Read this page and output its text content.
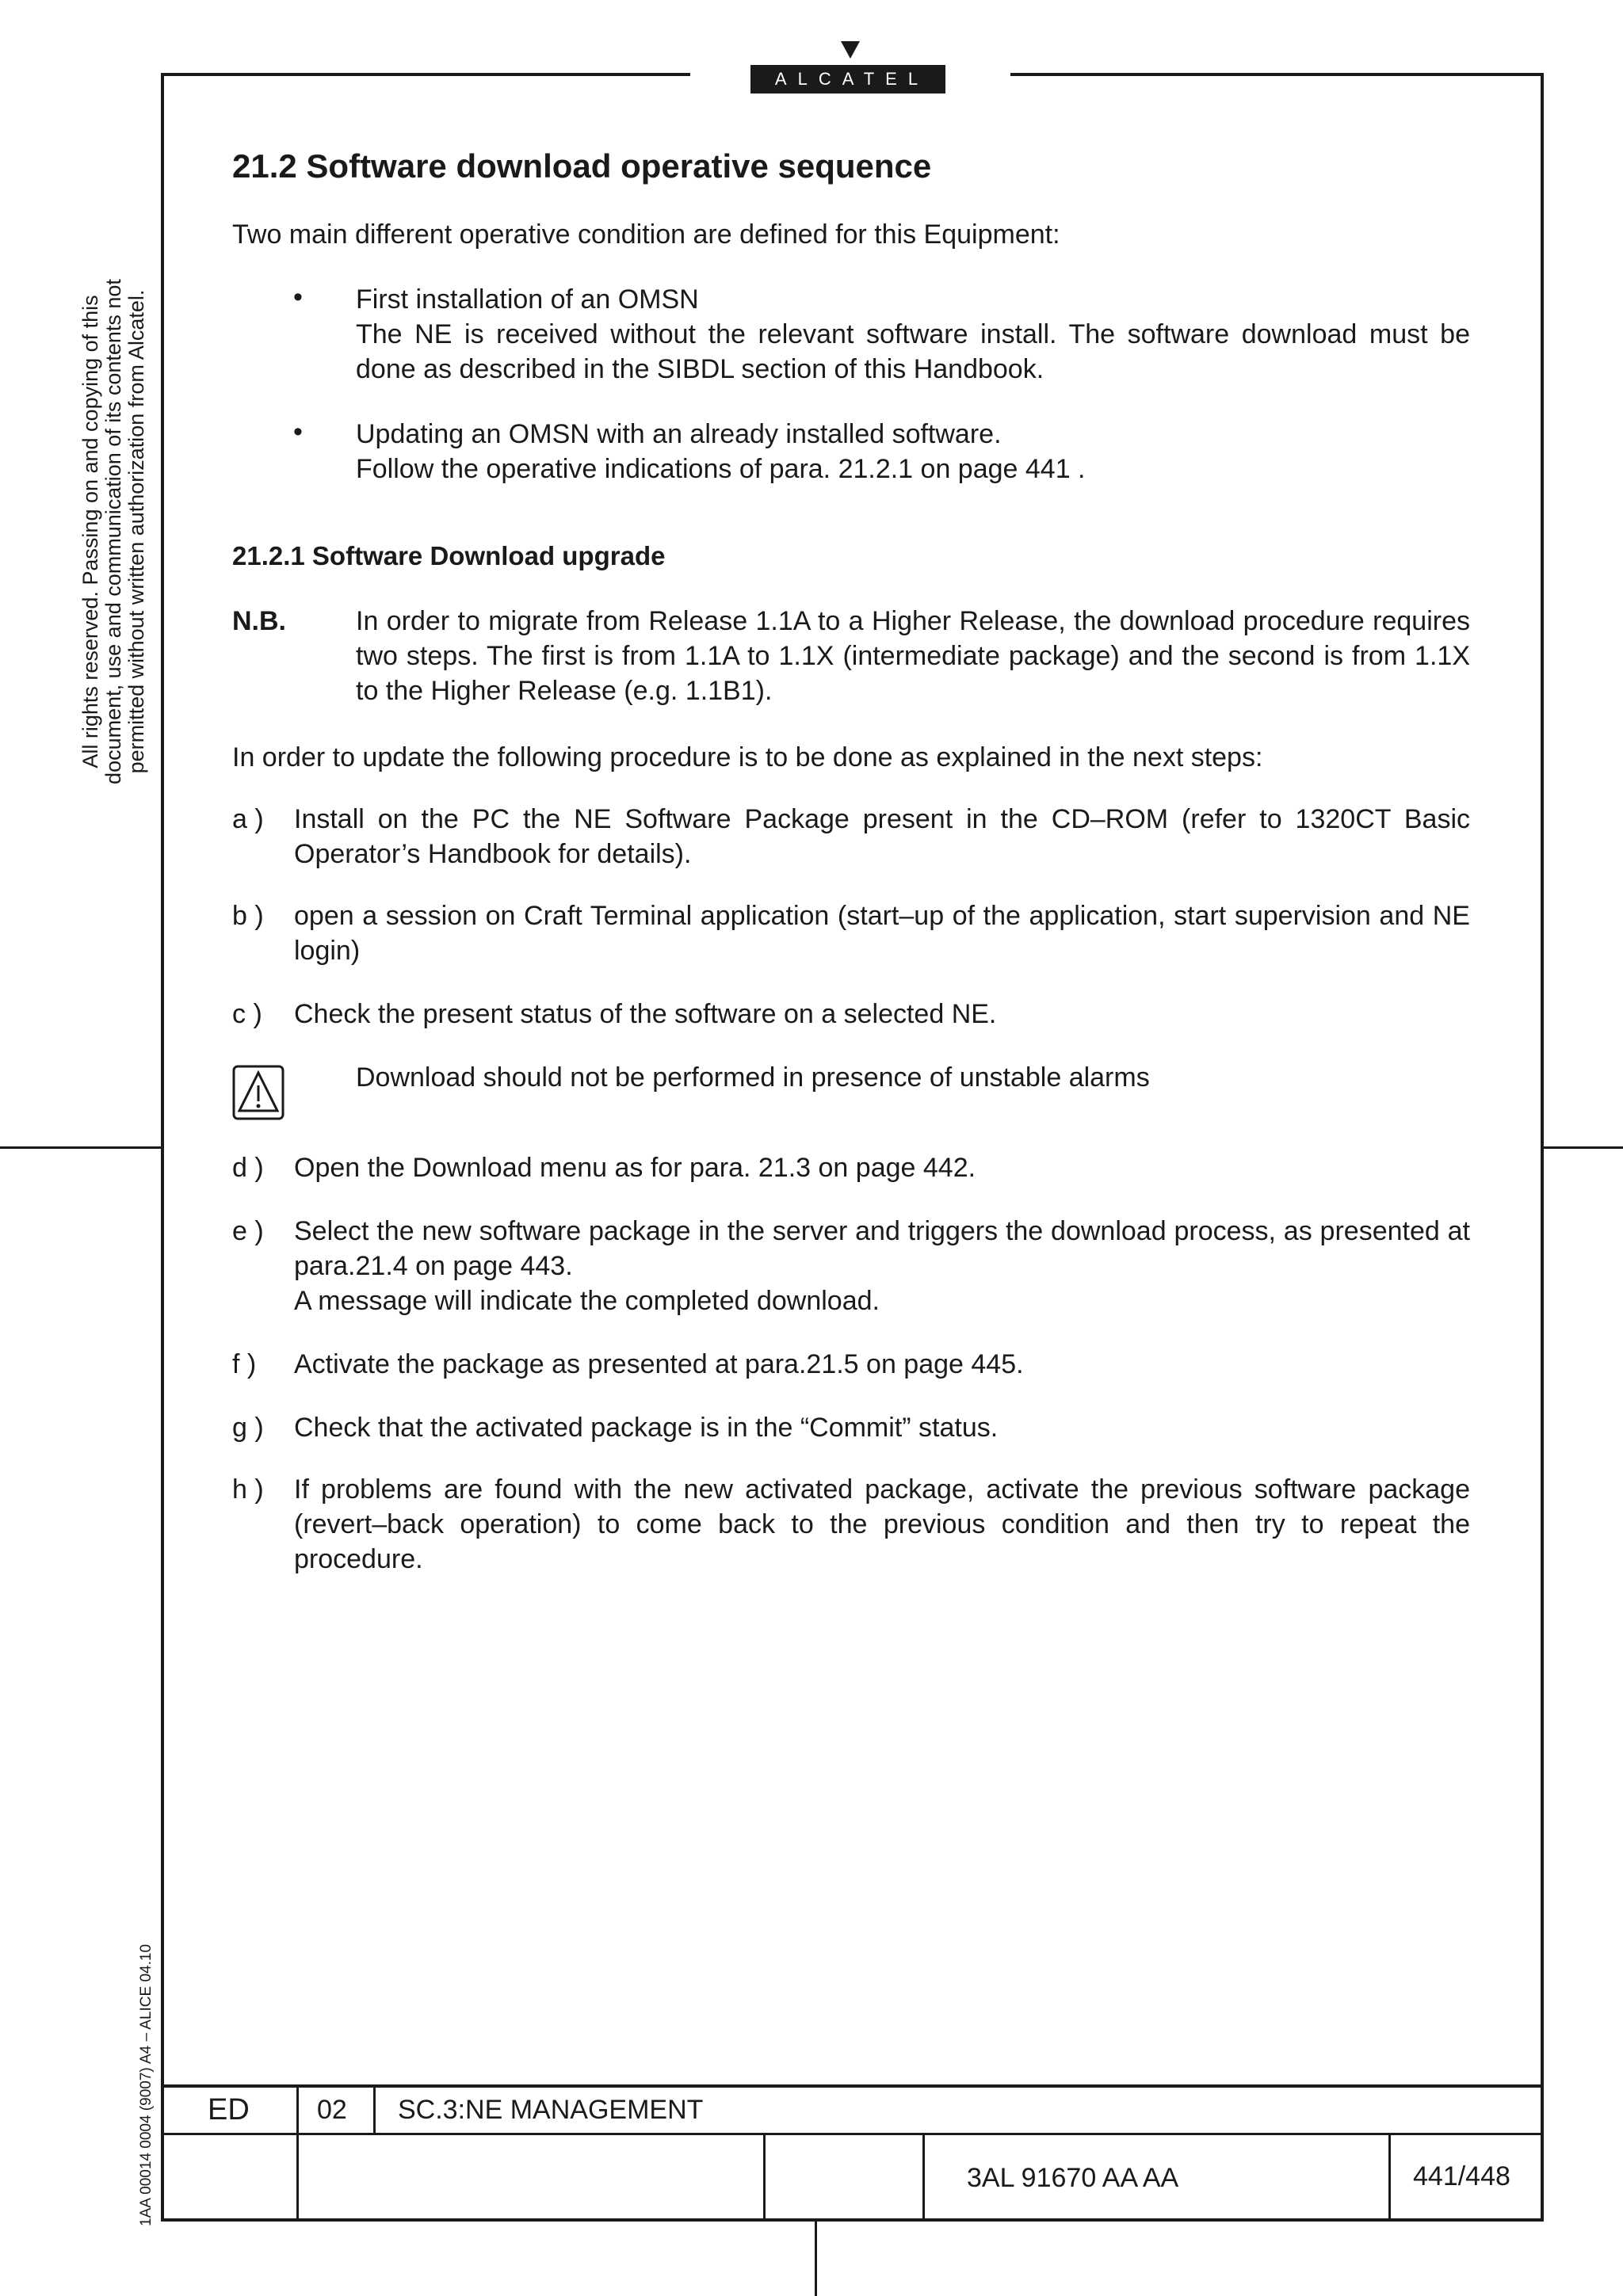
ALCATEL
All rights reserved. Passing on and copying of this document, use and communication of its contents not permitted without written authorization from Alcatel.
1AA 00014 0004 (9007) A4 – ALICE 04.10
21.2 Software download operative sequence
Two main different operative condition are defined for this Equipment:
• First installation of an OMSN
The NE is received without the relevant software install. The software download must be done as described in the SIBDL section of this Handbook.
• Updating an OMSN with an already installed software.
Follow the operative indications of para. 21.2.1 on page 441 .
21.2.1 Software Download upgrade
N.B.	In order to migrate from Release 1.1A to a Higher Release, the download procedure requires two steps. The first is from 1.1A to 1.1X (intermediate package) and the second is from 1.1X to the Higher Release (e.g. 1.1B1).
In order to update the following procedure is to be done as explained in the next steps:
a ) Install on the PC the NE Software Package present in the CD–ROM (refer to 1320CT Basic Operator’s Handbook for details).
b ) open a session on Craft Terminal application (start–up of the application, start supervision and NE login)
c ) Check the present status of the software on a selected NE.
Download should not be performed in presence of unstable alarms
d ) Open the Download menu as for para. 21.3 on page 442.
e ) Select the new software package in the server and triggers the download process, as presented at para.21.4 on page 443.
A message will indicate the completed download.
f ) Activate the package as presented at para.21.5 on page 445.
g ) Check that the activated package is in the “Commit” status.
h ) If problems are found with the new activated package, activate the previous software package (revert–back operation) to come back to the previous condition and then try to repeat the procedure.
ED	02 SC.3:NE MANAGEMENT
3AL 91670 AA AA	441/448
